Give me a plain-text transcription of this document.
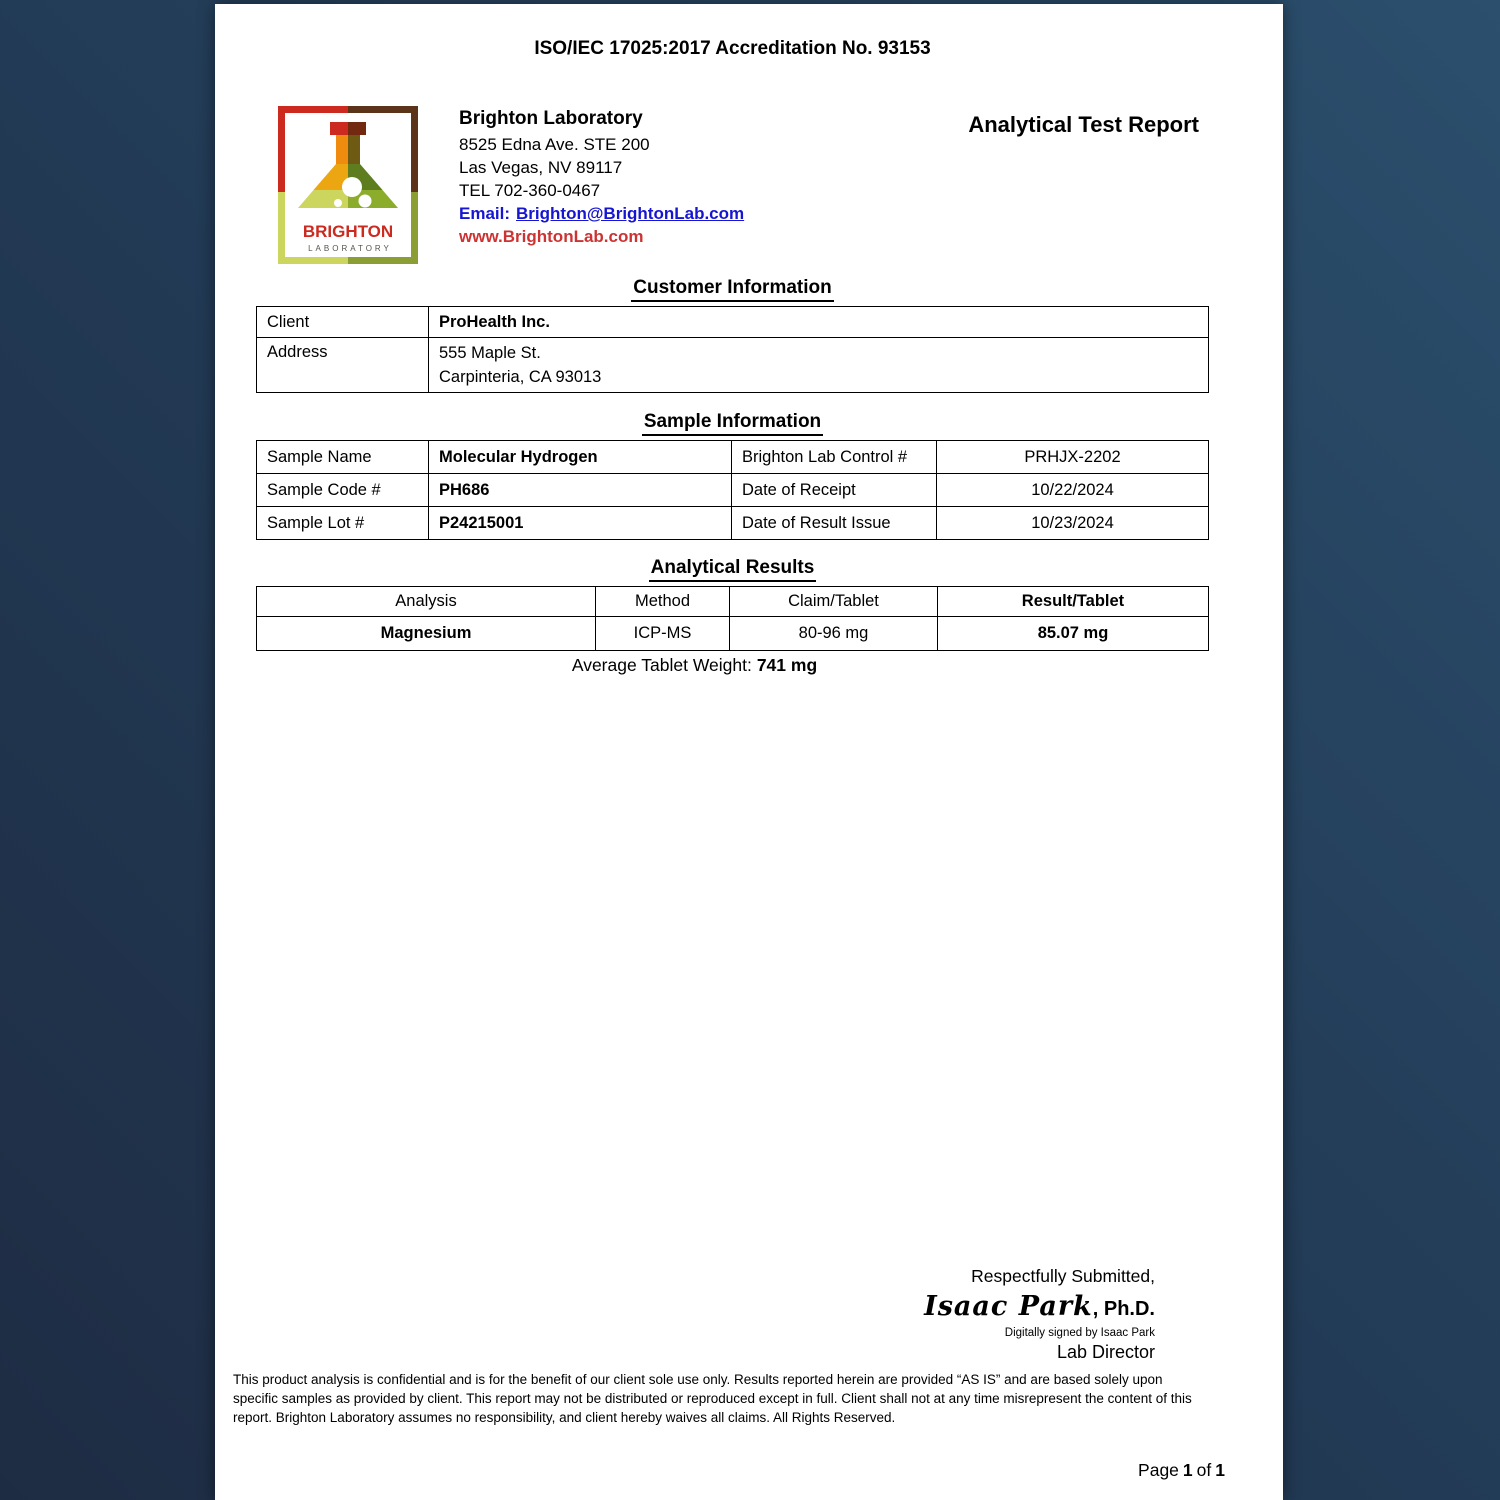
ISO/IEC 17025:2017 Accreditation No. 93153
BRIGHTON
LABORATORY
Brighton Laboratory
8525 Edna Ave. STE 200
Las Vegas, NV 89117
TEL 702-360-0467
Email: Brighton@BrightonLab.com
www.BrightonLab.com
Analytical Test Report
Customer Information
Client	ProHealth Inc.
Address	555 Maple St.
Carpinteria, CA 93013
Sample Information
Sample Name	Molecular Hydrogen	Brighton Lab Control #	PRHJX-2202
Sample Code #	PH686	Date of Receipt	10/22/2024
Sample Lot #	P24215001	Date of Result Issue	10/23/2024
Analytical Results
Analysis	Method	Claim/Tablet	Result/Tablet
Magnesium	ICP-MS	80-96 mg	85.07 mg
Average Tablet Weight: 741 mg
Respectfully Submitted,
Isaac Park, Ph.D.
Digitally signed by Isaac Park
Lab Director
This product analysis is confidential and is for the benefit of our client sole use only. Results reported herein are provided “AS IS” and are based solely upon specific samples as provided by client. This report may not be distributed or reproduced except in full. Client shall not at any time misrepresent the content of this report. Brighton Laboratory assumes no responsibility, and client hereby waives all claims. All Rights Reserved.
Page 1 of 1
